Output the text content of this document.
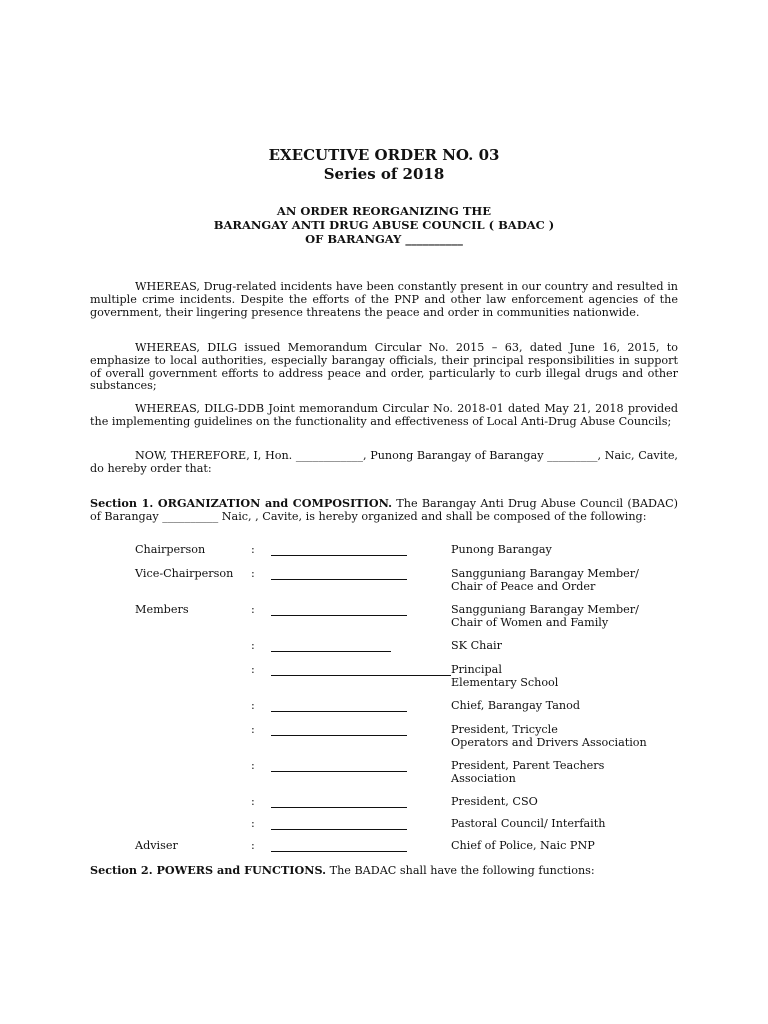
EXECUTIVE ORDER NO. 03
Series of 2018
AN ORDER REORGANIZING THE
BARANGAY ANTI DRUG ABUSE COUNCIL ( BADAC )
OF BARANGAY __________
WHEREAS, Drug-related incidents have been constantly present in our country and resulted in multiple crime incidents. Despite the efforts of the PNP and other law enforcement agencies of the government, their lingering presence threatens the peace and order in communities nationwide.
WHEREAS, DILG issued Memorandum Circular No. 2015 – 63, dated June 16, 2015, to emphasize to local authorities, especially barangay officials, their principal responsibilities in support of overall government efforts to address peace and order, particularly to curb illegal drugs and other substances;
WHEREAS, DILG-DDB Joint memorandum Circular No. 2018-01 dated May 21, 2018 provided the implementing guidelines on the functionality and effectiveness of Local Anti-Drug Abuse Councils;
NOW, THEREFORE, I, Hon. ____________, Punong Barangay of Barangay _________, Naic, Cavite, do hereby order that:
Section 1. ORGANIZATION and COMPOSITION. The Barangay Anti Drug Abuse Council (BADAC) of Barangay __________ Naic, , Cavite, is hereby organized and shall be composed of the following:
Chairperson	:	Punong Barangay
Vice-Chairperson :	Sangguniang Barangay Member/
Chair of Peace and Order
Members	:	Sangguniang Barangay Member/
Chair of Women and Family
:	SK Chair
:	Principal
Elementary School
:	Chief, Barangay Tanod
:	President, Tricycle
Operators and Drivers Association
:	President, Parent Teachers
Association
:	President, CSO
:	Pastoral Council/ Interfaith
Adviser	:	Chief of Police, Naic PNP
Section 2. POWERS and FUNCTIONS. The BADAC shall have the following functions:
